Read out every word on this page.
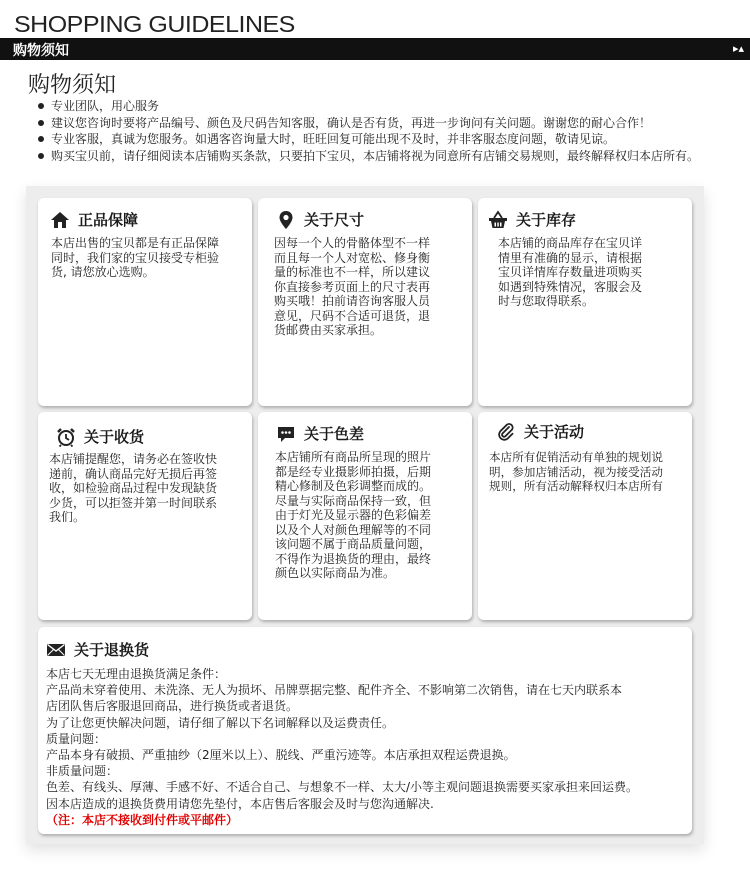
SHOPPING GUIDELINES
购物须知	▸▴
购物须知
专业团队，用心服务
建议您咨询时要将产品编号、颜色及尺码告知客服，确认是否有货，再进一步询问有关问题。谢谢您的耐心合作！
专业客服，真诚为您服务。如遇客咨询量大时，旺旺回复可能出现不及时，并非客服态度问题，敬请见谅。
购买宝贝前，请仔细阅读本店铺购买条款，只要拍下宝贝，本店铺将视为同意所有店铺交易规则，最终解释权归本店所有。
正品保障
本店出售的宝贝都是有正品保障
同时，我们家的宝贝接受专柜验
货, 请您放心选购。
关于尺寸
因每一个人的骨骼体型不一样
而且每一个人对宽松、修身衡
量的标准也不一样，所以建议
你直接参考页面上的尺寸表再
购买哦！拍前请咨询客服人员
意见，尺码不合适可退货，退
货邮费由买家承担。
关于库存
本店铺的商品库存在宝贝详
情里有准确的显示，请根据
宝贝详情库存数量进项购买
如遇到特殊情况，客服会及
时与您取得联系。
关于收货
本店铺提醒您，请务必在签收快
递前，确认商品完好无损后再签
收，如检验商品过程中发现缺货
少货，可以拒签并第一时间联系
我们。
关于色差
本店铺所有商品所呈现的照片
都是经专业摄影师拍摄，后期
精心修制及色彩调整而成的。
尽量与实际商品保持一致，但
由于灯光及显示器的色彩偏差
以及个人对颜色理解等的不同
该问题不属于商品质量问题，
不得作为退换货的理由，最终
颜色以实际商品为准。
关于活动
本店所有促销活动有单独的规划说
明，参加店铺活动，视为接受活动
规则，所有活动解释权归本店所有
关于退换货
本店七天无理由退换货满足条件：
产品尚未穿着使用、未洗涤、无人为损坏、吊牌票据完整、配件齐全、不影响第二次销售，请在七天内联系本
店团队售后客服退回商品，进行换货或者退货。
为了让您更快解决问题，请仔细了解以下名词解释以及运费责任。
质量问题：
产品本身有破损、严重抽纱（2厘米以上）、脱线、严重污迹等。本店承担双程运费退换。
非质量问题：
色差、有线头、厚薄、手感不好、不适合自己、与想象不一样、太大/小等主观问题退换需要买家承担来回运费。
因本店造成的退换货费用请您先垫付，本店售后客服会及时与您沟通解决.
（注：本店不接收到付件或平邮件）
